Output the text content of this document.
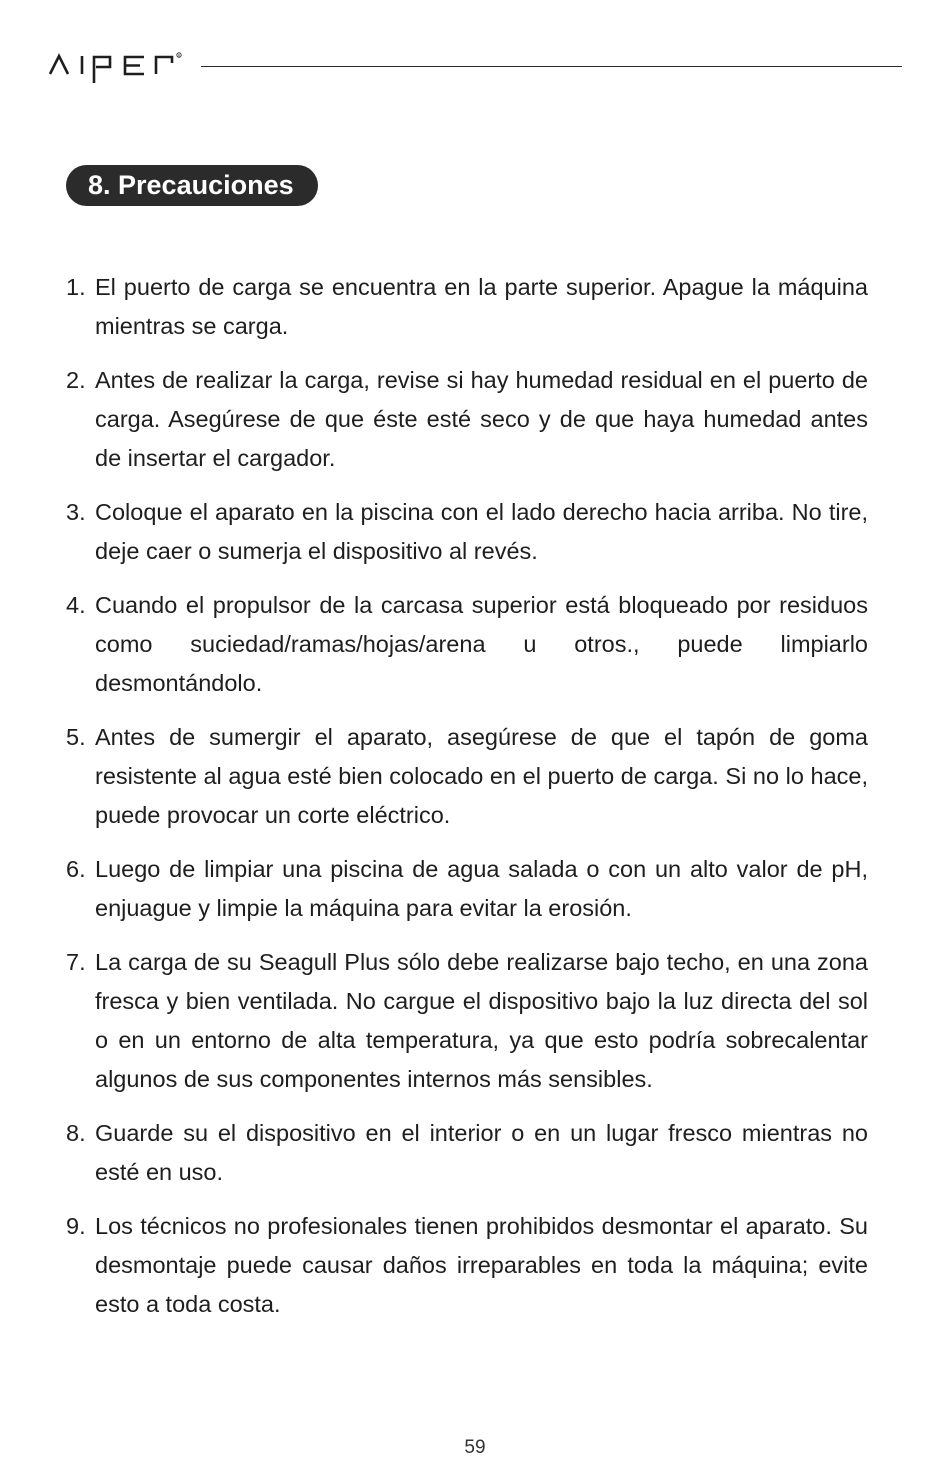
R
8. Precauciones
1. El puerto de carga se encuentra en la parte superior. Apague la máquina mientras se carga.
2. Antes de realizar la carga, revise si hay humedad residual en el puerto de carga. Asegúrese de que éste esté seco y de que haya humedad antes de insertar el cargador.
3. Coloque el aparato en la piscina con el lado derecho hacia arriba. No tire, deje caer o sumerja el dispositivo al revés.
4. Cuando el propulsor de la carcasa superior está bloqueado por residuos como suciedad/ramas/hojas/arena u otros., puede limpiarlo desmontándolo.
5. Antes de sumergir el aparato, asegúrese de que el tapón de goma resistente al agua esté bien colocado en el puerto de carga. Si no lo hace, puede provocar un corte eléctrico.
6. Luego de limpiar una piscina de agua salada o con un alto valor de pH, enjuague y limpie la máquina para evitar la erosión.
7. La carga de su Seagull Plus sólo debe realizarse bajo techo, en una zona fresca y bien ventilada. No cargue el dispositivo bajo la luz directa del sol o en un entorno de alta temperatura, ya que esto podría sobrecalentar algunos de sus componentes internos más sensibles.
8. Guarde su el dispositivo en el interior o en un lugar fresco mientras no esté en uso.
9. Los técnicos no profesionales tienen prohibidos desmontar el aparato. Su desmontaje puede causar daños irreparables en toda la máquina; evite esto a toda costa.
59
